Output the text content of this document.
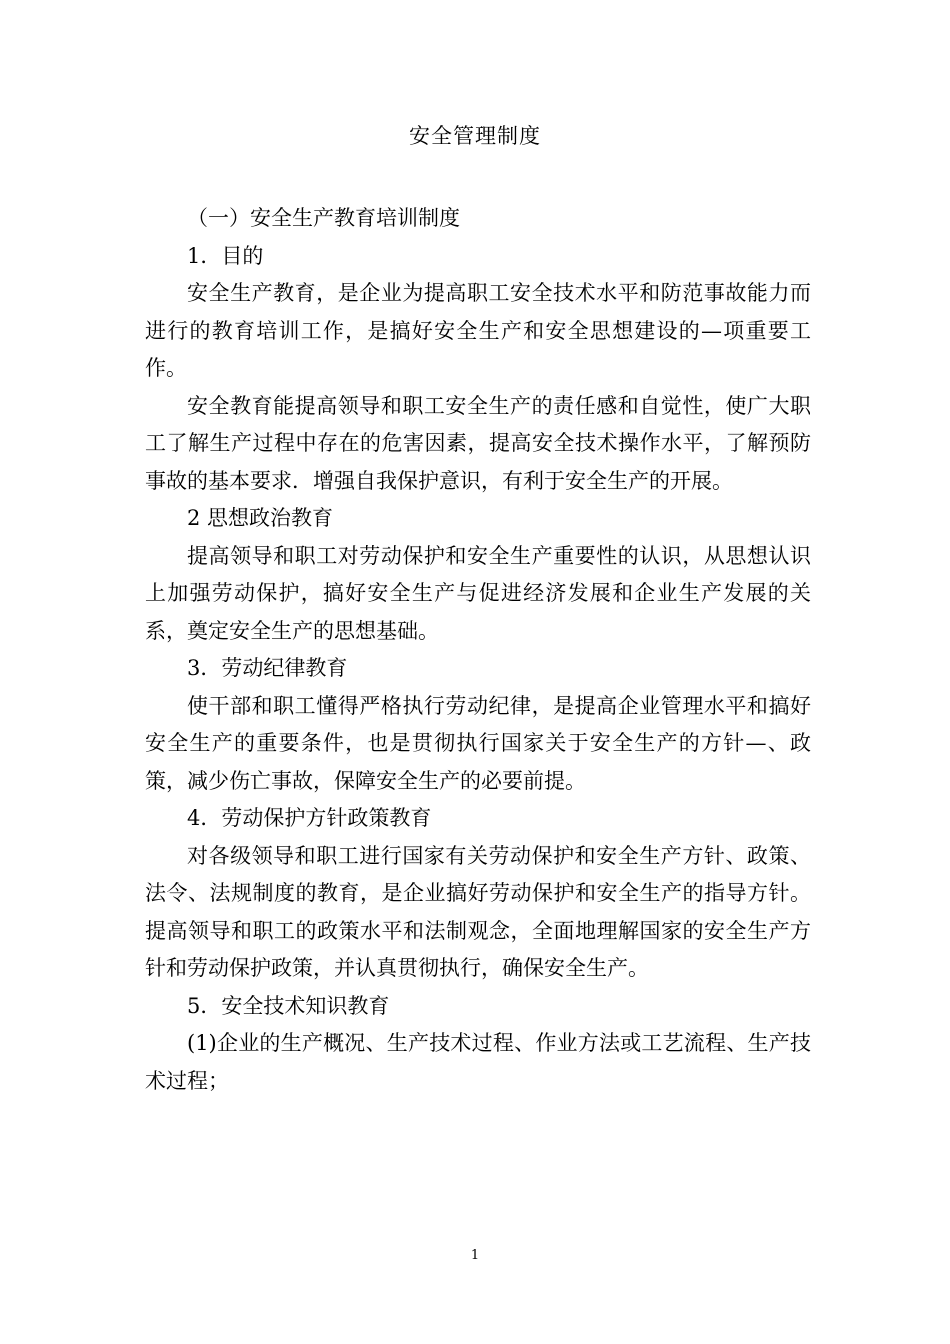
安全管理制度

（一）安全生产教育培训制度

1．目的

安全生产教育，是企业为提高职工安全技术水平和防范事故能力而进行的教育培训工作，是搞好安全生产和安全思想建设的—项重要工作。

安全教育能提高领导和职工安全生产的责任感和自觉性，使广大职工了解生产过程中存在的危害因素，提高安全技术操作水平，了解预防事故的基本要求．增强自我保护意识，有利于安全生产的开展。

2 思想政治教育

提高领导和职工对劳动保护和安全生产重要性的认识，从思想认识上加强劳动保护，搞好安全生产与促进经济发展和企业生产发展的关系，奠定安全生产的思想基础。

3．劳动纪律教育

使干部和职工懂得严格执行劳动纪律，是提高企业管理水平和搞好安全生产的重要条件，也是贯彻执行国家关于安全生产的方针—、政策，减少伤亡事故，保障安全生产的必要前提。

4．劳动保护方针政策教育

对各级领导和职工进行国家有关劳动保护和安全生产方针、政策、法令、法规制度的教育，是企业搞好劳动保护和安全生产的指导方针。提高领导和职工的政策水平和法制观念，全面地理解国家的安全生产方针和劳动保护政策，并认真贯彻执行，确保安全生产。

5．安全技术知识教育

(1)企业的生产概况、生产技术过程、作业方法或工艺流程、生产技术过程；

1
